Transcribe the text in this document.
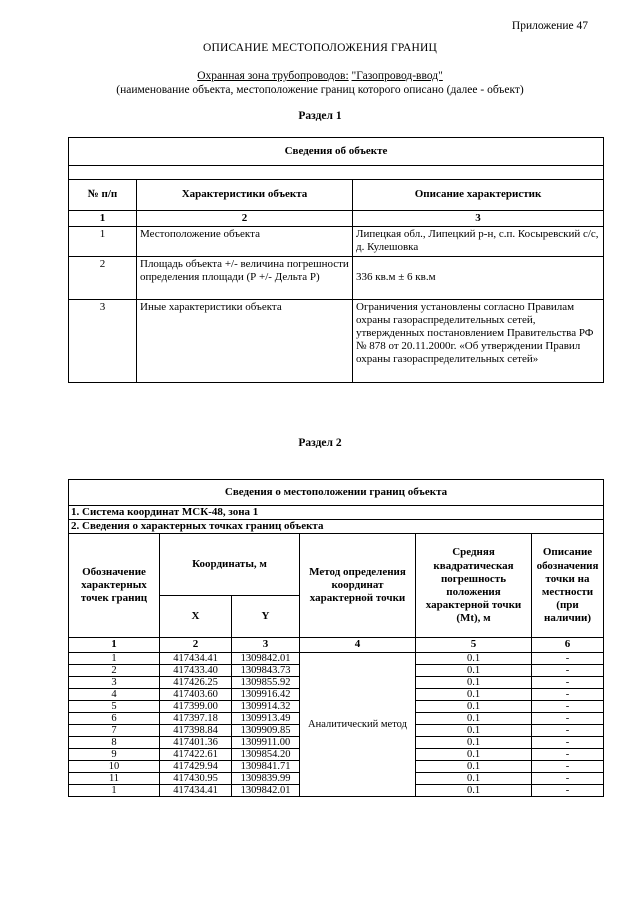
Приложение 47
ОПИСАНИЕ МЕСТОПОЛОЖЕНИЯ ГРАНИЦ
Охранная зона трубопроводов: "Газопровод-ввод"
(наименование объекта, местоположение границ которого описано (далее - объект)
Раздел 1
Сведения об объекте		

№ п/п	Характеристики объекта	Описание характеристик
1	2	3
1	Местоположение объекта	Липецкая обл., Липецкий р-н, с.п. Косыревский с/с, д. Кулешовка
2	Площадь объекта +/- величина погрешности определения площади (Р +/- Дельта Р)	336 кв.м ± 6 кв.м
3	Иные характеристики объекта	Ограничения установлены согласно Правилам охраны газораспределительных сетей, утвержденных постановлением Правительства РФ № 878 от 20.11.2000г. «Об утверждении Правил охраны газораспределительных сетей»
Раздел 2
Сведения о местоположении границ объекта					
1. Система координат МСК-48, зона 1					
2. Сведения о характерных точках границ объекта					
Обозначение характерных точек границ	Координаты, м		Метод определения координат характерной точки	Средняя квадратическая погрешность положения характерной точки (Mt), м	Описание обозначения точки на местности (при наличии)
	X	Y			
1	2	3	4	5	6
1	417434.41	1309842.01	Аналитический метод	0.1	-
2	417433.40	1309843.73		0.1	-
3	417426.25	1309855.92		0.1	-
4	417403.60	1309916.42		0.1	-
5	417399.00	1309914.32		0.1	-
6	417397.18	1309913.49		0.1	-
7	417398.84	1309909.85		0.1	-
8	417401.36	1309911.00		0.1	-
9	417422.61	1309854.20		0.1	-
10	417429.94	1309841.71		0.1	-
11	417430.95	1309839.99		0.1	-
1	417434.41	1309842.01		0.1	-
